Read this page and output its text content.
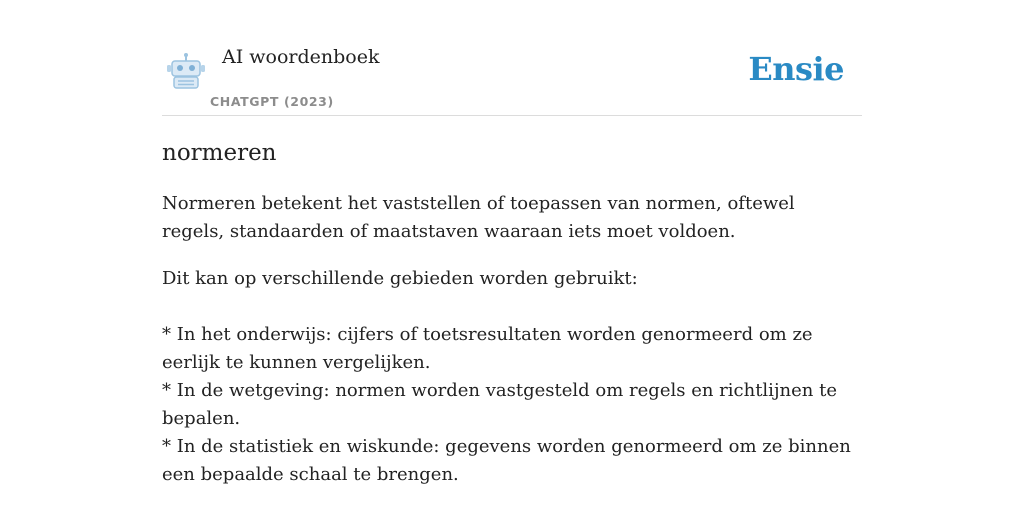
AI woordenboek
CHATGPT (2023)
Ensie
normeren

Normeren betekent het vaststellen of toepassen van normen, oftewel regels, standaarden of maatstaven waaraan iets moet voldoen.

Dit kan op verschillende gebieden worden gebruikt:

* In het onderwijs: cijfers of toetsresultaten worden genormeerd om ze eerlijk te kunnen vergelijken.

* In de wetgeving: normen worden vastgesteld om regels en richtlijnen te bepalen.

* In de statistiek en wiskunde: gegevens worden genormeerd om ze binnen een bepaalde schaal te brengen.
